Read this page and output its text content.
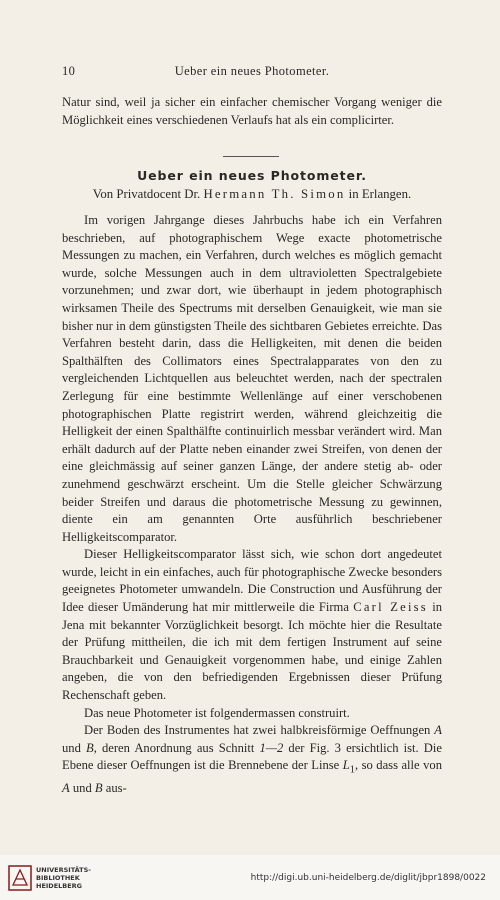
10	Ueber ein neues Photometer.
Natur sind, weil ja sicher ein einfacher chemischer Vorgang weniger die Möglichkeit eines verschiedenen Verlaufs hat als ein complicirter.
Ueber ein neues Photometer.
Von Privatdocent Dr. Hermann Th. Simon in Erlangen.

Im vorigen Jahrgange dieses Jahrbuchs habe ich ein Verfahren beschrieben, auf photographischem Wege exacte photometrische Messungen zu machen, ein Verfahren, durch welches es möglich gemacht wurde, solche Messungen auch in dem ultravioletten Spectralgebiete vorzunehmen; und zwar dort, wie überhaupt in jedem photographisch wirksamen Theile des Spectrums mit derselben Genauigkeit, wie man sie bisher nur in dem günstigsten Theile des sichtbaren Gebietes erreichte. Das Verfahren besteht darin, dass die Helligkeiten, mit denen die beiden Spalthälften des Collimators eines Spectralapparates von den zu vergleichenden Lichtquellen aus beleuchtet werden, nach der spectralen Zerlegung für eine bestimmte Wellenlänge auf einer verschobenen photographischen Platte registrirt werden, während gleichzeitig die Helligkeit der einen Spalthälfte continuirlich messbar verändert wird. Man erhält dadurch auf der Platte neben einander zwei Streifen, von denen der eine gleichmässig auf seiner ganzen Länge, der andere stetig ab- oder zunehmend geschwärzt erscheint. Um die Stelle gleicher Schwärzung beider Streifen und daraus die photometrische Messung zu gewinnen, diente ein am genannten Orte ausführlich beschriebener Helligkeitscomparator.

Dieser Helligkeitscomparator lässt sich, wie schon dort angedeutet wurde, leicht in ein einfaches, auch für photographische Zwecke besonders geeignetes Photometer umwandeln. Die Construction und Ausführung der Idee dieser Umänderung hat mir mittlerweile die Firma Carl Zeiss in Jena mit bekannter Vorzüglichkeit besorgt. Ich möchte hier die Resultate der Prüfung mittheilen, die ich mit dem fertigen Instrument auf seine Brauchbarkeit und Genauigkeit vorgenommen habe, und einige Zahlen angeben, die von den befriedigenden Ergebnissen dieser Prüfung Rechenschaft geben.

Das neue Photometer ist folgendermassen construirt.

Der Boden des Instrumentes hat zwei halbkreisförmige Oeffnungen A und B, deren Anordnung aus Schnitt 1—2 der Fig. 3 ersichtlich ist. Die Ebene dieser Oeffnungen ist die Brennebene der Linse $L_1$, so dass alle von A und B aus-

UNIVERSITÄTS-
BIBLIOTHEK
HEIDELBERG
http://digi.ub.uni-heidelberg.de/diglit/jbpr1898/0022
